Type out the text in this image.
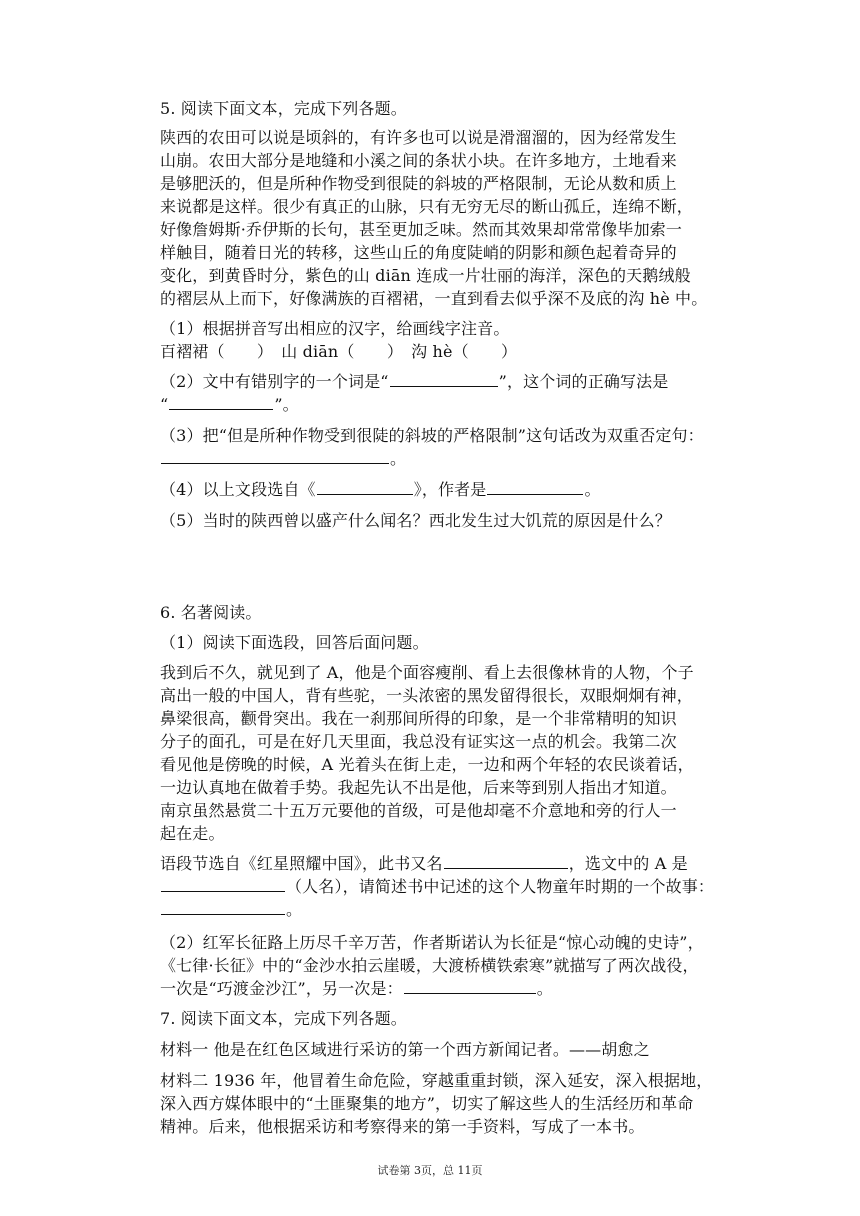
5. 阅读下面文本，完成下列各题。
陕西的农田可以说是顷斜的，有许多也可以说是滑溜溜的，因为经常发生
山崩。农田大部分是地缝和小溪之间的条状小块。在许多地方，土地看来
是够肥沃的，但是所种作物受到很陡的斜坡的严格限制，无论从数和质上
来说都是这样。很少有真正的山脉，只有无穷无尽的断山孤丘，连绵不断，
好像詹姆斯·乔伊斯的长句，甚至更加乏味。然而其效果却常常像毕加索一
样触目，随着日光的转移，这些山丘的角度陡峭的阴影和颜色起着奇异的
变化，到黄昏时分，紫色的山 diān 连成一片壮丽的海洋，深色的天鹅绒般
的褶层从上而下，好像满族的百褶裙，一直到看去似乎深不及底的沟 hè 中。
（1）根据拼音写出相应的汉字，给画线字注音。
百褶裙（　　）　山 diān（　　）　沟 hè（　　）
（2）文中有错别字的一个词是“	”，这个词的正确写法是
“	”。
（3）把“但是所种作物受到很陡的斜坡的严格限制”这句话改为双重否定句：
。
（4）以上文段选自《	》，作者是	。
（5）当时的陕西曾以盛产什么闻名？西北发生过大饥荒的原因是什么？
6. 名著阅读。
（1）阅读下面选段，回答后面问题。
我到后不久，就见到了 A，他是个面容瘦削、看上去很像林肯的人物，个子
高出一般的中国人，背有些驼，一头浓密的黑发留得很长，双眼炯炯有神，
鼻梁很高，颧骨突出。我在一刹那间所得的印象，是一个非常精明的知识
分子的面孔，可是在好几天里面，我总没有证实这一点的机会。我第二次
看见他是傍晚的时候，A 光着头在街上走，一边和两个年轻的农民谈着话，
一边认真地在做着手势。我起先认不出是他，后来等到别人指出才知道。
南京虽然悬赏二十五万元要他的首级，可是他却毫不介意地和旁的行人一
起在走。
语段节选自《红星照耀中国》，此书又名	，选文中的 A 是
（人名），请简述书中记述的这个人物童年时期的一个故事：
。
（2）红军长征路上历尽千辛万苦，作者斯诺认为长征是“惊心动魄的史诗”，
《七律·长征》中的“金沙水拍云崖暖，大渡桥横铁索寒”就描写了两次战役，
一次是“巧渡金沙江”，另一次是：	。
7. 阅读下面文本，完成下列各题。
材料一 他是在红色区域进行采访的第一个西方新闻记者。——胡愈之
材料二 1936 年，他冒着生命危险，穿越重重封锁，深入延安，深入根据地，
深入西方媒体眼中的“土匪聚集的地方”，切实了解这些人的生活经历和革命
精神。后来，他根据采访和考察得来的第一手资料，写成了一本书。
试卷第 3页，总 11页
